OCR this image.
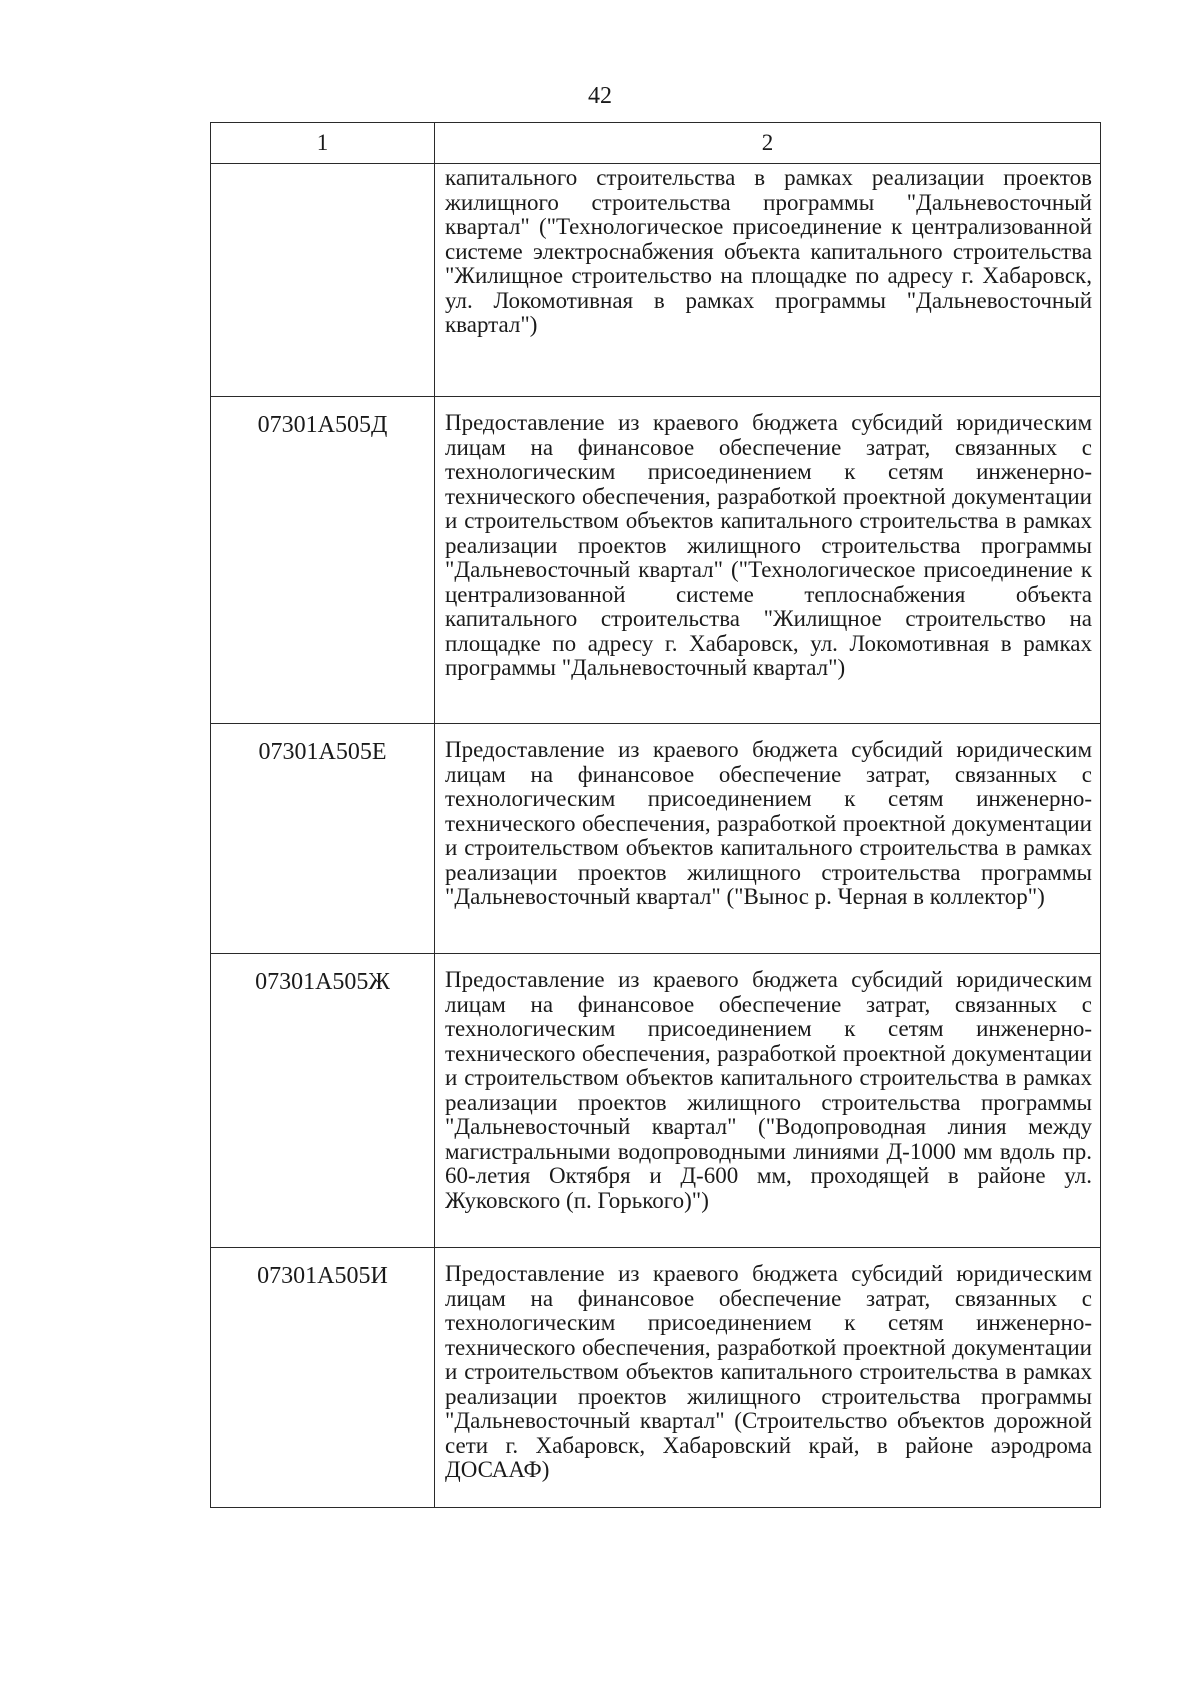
42
1	2
	капитального строительства в рамках реализации проектов жилищного строительства программы "Дальневосточный квартал" ("Технологическое присоединение к централизованной системе электроснабжения объекта капитального строительства "Жилищное строительство на площадке по адресу г. Хабаровск, ул. Локомотивная в рамках программы "Дальневосточный квартал")
07301А505Д	Предоставление из краевого бюджета субсидий юридическим лицам на финансовое обеспечение затрат, связанных с технологическим присоединением к сетям инженерно-технического обеспечения, разработкой проектной документации и строительством объектов капитального строительства в рамках реализации проектов жилищного строительства программы "Дальневосточный квартал" ("Технологическое присоединение к централизованной системе теплоснабжения объекта капитального строительства "Жилищное строительство на площадке по адресу г. Хабаровск, ул. Локомотивная в рамках программы "Дальневосточный квартал")
07301А505Е	Предоставление из краевого бюджета субсидий юридическим лицам на финансовое обеспечение затрат, связанных с технологическим присоединением к сетям инженерно-технического обеспечения, разработкой проектной документации и строительством объектов капитального строительства в рамках реализации проектов жилищного строительства программы "Дальневосточный квартал" ("Вынос р. Черная в коллектор")
07301А505Ж	Предоставление из краевого бюджета субсидий юридическим лицам на финансовое обеспечение затрат, связанных с технологическим присоединением к сетям инженерно-технического обеспечения, разработкой проектной документации и строительством объектов капитального строительства в рамках реализации проектов жилищного строительства программы "Дальневосточный квартал" ("Водопроводная линия между магистральными водопроводными линиями Д-1000 мм вдоль пр. 60-летия Октября и Д-600 мм, проходящей в районе ул. Жуковского (п. Горького)")
07301А505И	Предоставление из краевого бюджета субсидий юридическим лицам на финансовое обеспечение затрат, связанных с технологическим присоединением к сетям инженерно-технического обеспечения, разработкой проектной документации и строительством объектов капитального строительства в рамках реализации проектов жилищного строительства программы "Дальневосточный квартал" (Строительство объектов дорожной сети г. Хабаровск, Хабаровский край, в районе аэродрома ДОСААФ)
